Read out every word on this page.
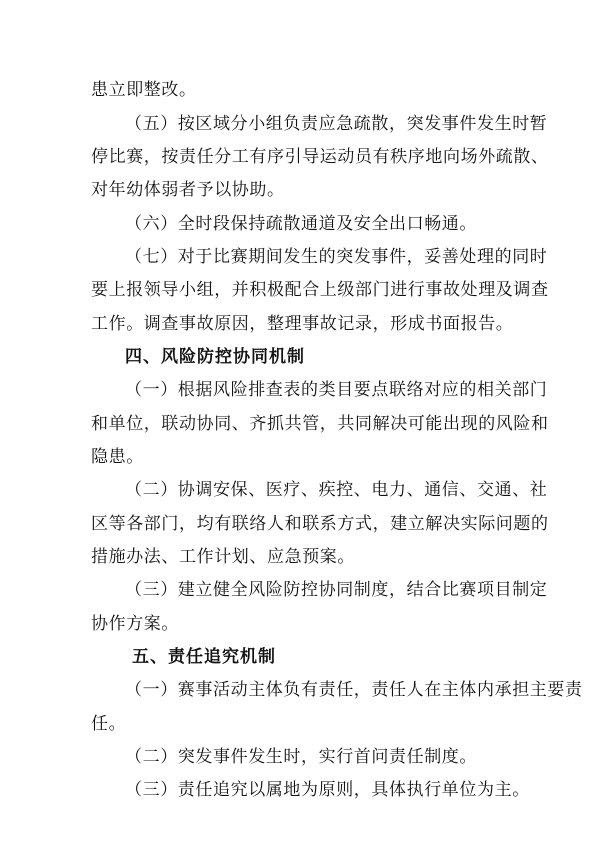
患立即整改。
（五）按区域分小组负责应急疏散，突发事件发生时暂
停比赛，按责任分工有序引导运动员有秩序地向场外疏散、
对年幼体弱者予以协助。
（六）全时段保持疏散通道及安全出口畅通。
（七）对于比赛期间发生的突发事件，妥善处理的同时
要上报领导小组，并积极配合上级部门进行事故处理及调查
工作。调查事故原因，整理事故记录，形成书面报告。
四、风险防控协同机制
（一）根据风险排查表的类目要点联络对应的相关部门
和单位，联动协同、齐抓共管，共同解决可能出现的风险和
隐患。
（二）协调安保、医疗、疾控、电力、通信、交通、社
区等各部门，均有联络人和联系方式，建立解决实际问题的
措施办法、工作计划、应急预案。
（三）建立健全风险防控协同制度，结合比赛项目制定
协作方案。
五、责任追究机制
（一）赛事活动主体负有责任，责任人在主体内承担主要责
任。
（二）突发事件发生时，实行首问责任制度。
（三）责任追究以属地为原则，具体执行单位为主。
